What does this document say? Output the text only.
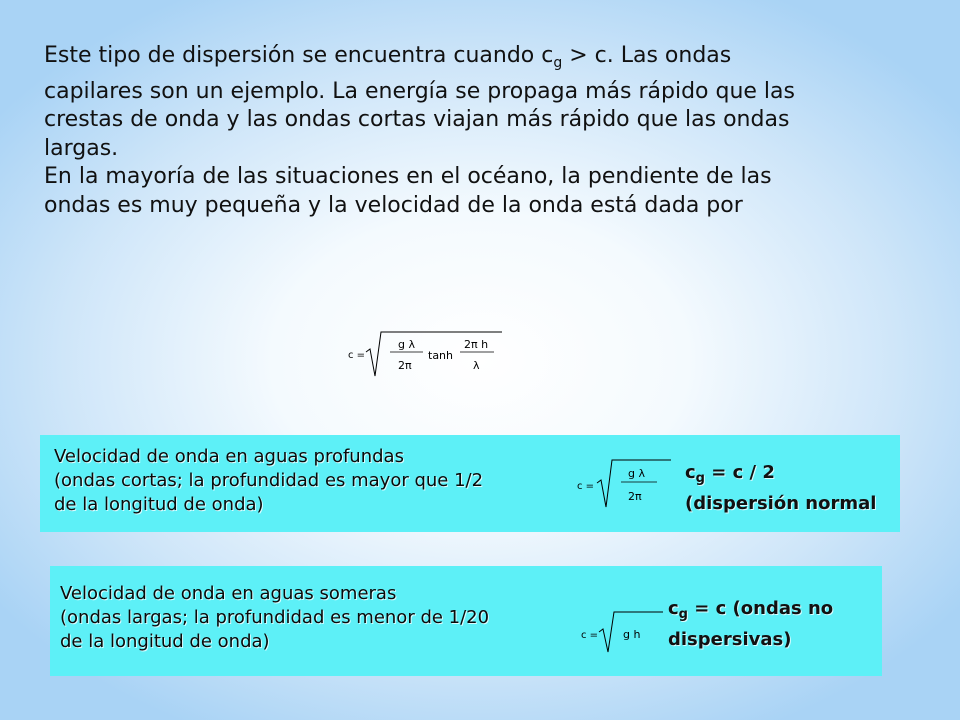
Este tipo de dispersión se encuentra cuando $c_g > c$. Las ondas

capilares son un ejemplo. La energía se propaga más rápido que las

crestas de onda y las ondas cortas viajan más rápido que las ondas

largas.

En la mayoría de las situaciones en el océano, la pendiente de las

ondas es muy pequeña y la velocidad de la onda está dada por

c =
g λ
2π
tanh
2π h
λ
Velocidad de onda en aguas profundas
(ondas cortas; la profundidad es mayor que 1/2
de la longitud de onda)
c =
g λ
2π
$c_g = c / 2$
(dispersión normal
Velocidad de onda en aguas someras
(ondas largas; la profundidad es menor de 1/20
de la longitud de onda)	c = g h
$c_g = c$ (ondas no
dispersivas)
